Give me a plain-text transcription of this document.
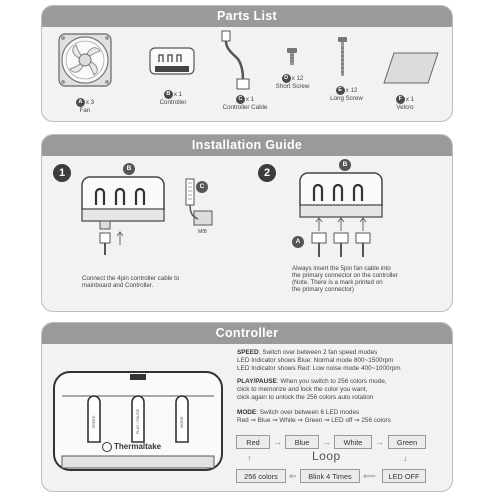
Parts List
A x 3
Fan
B x 1
Controller	C x 1
Controller Cable
D x 12
Short Screw	E x 12
Long Screw	F x 1
Velcro
Installation Guide
1	B
C
M/B
Connect the 4pin controller cable to
mainboard and Controller.
2
B
A
Always insert the 5pin fan cable into
the primary connector on the controller
(Note. There is a mark printed on
the primary connector)
Controller
SPEED	PLAY / PAUSE	MODE
Thermaltake
SPEED: Switch over between 2 fan speed modes
LED Indicator shows Blue: Normal mode 800~1500rpm
LED Indicator shows Red: Low noise mode 400~1000rpm
PLAY/PAUSE: When you switch to 256 colors mode,
click to memorize and lock the color you want,
click again to unlock the 256 colors auto rotation
MODE: Switch over between 6 LED modes
Red ⇒ Blue ⇒ White ⇒ Green ⇒ LED off ⇒ 256 colors
Red	→	Blue	→	White	→	Green
↑	Loop	↓
256 colors	⇐	Blink 4 Times	⟸	LED OFF
